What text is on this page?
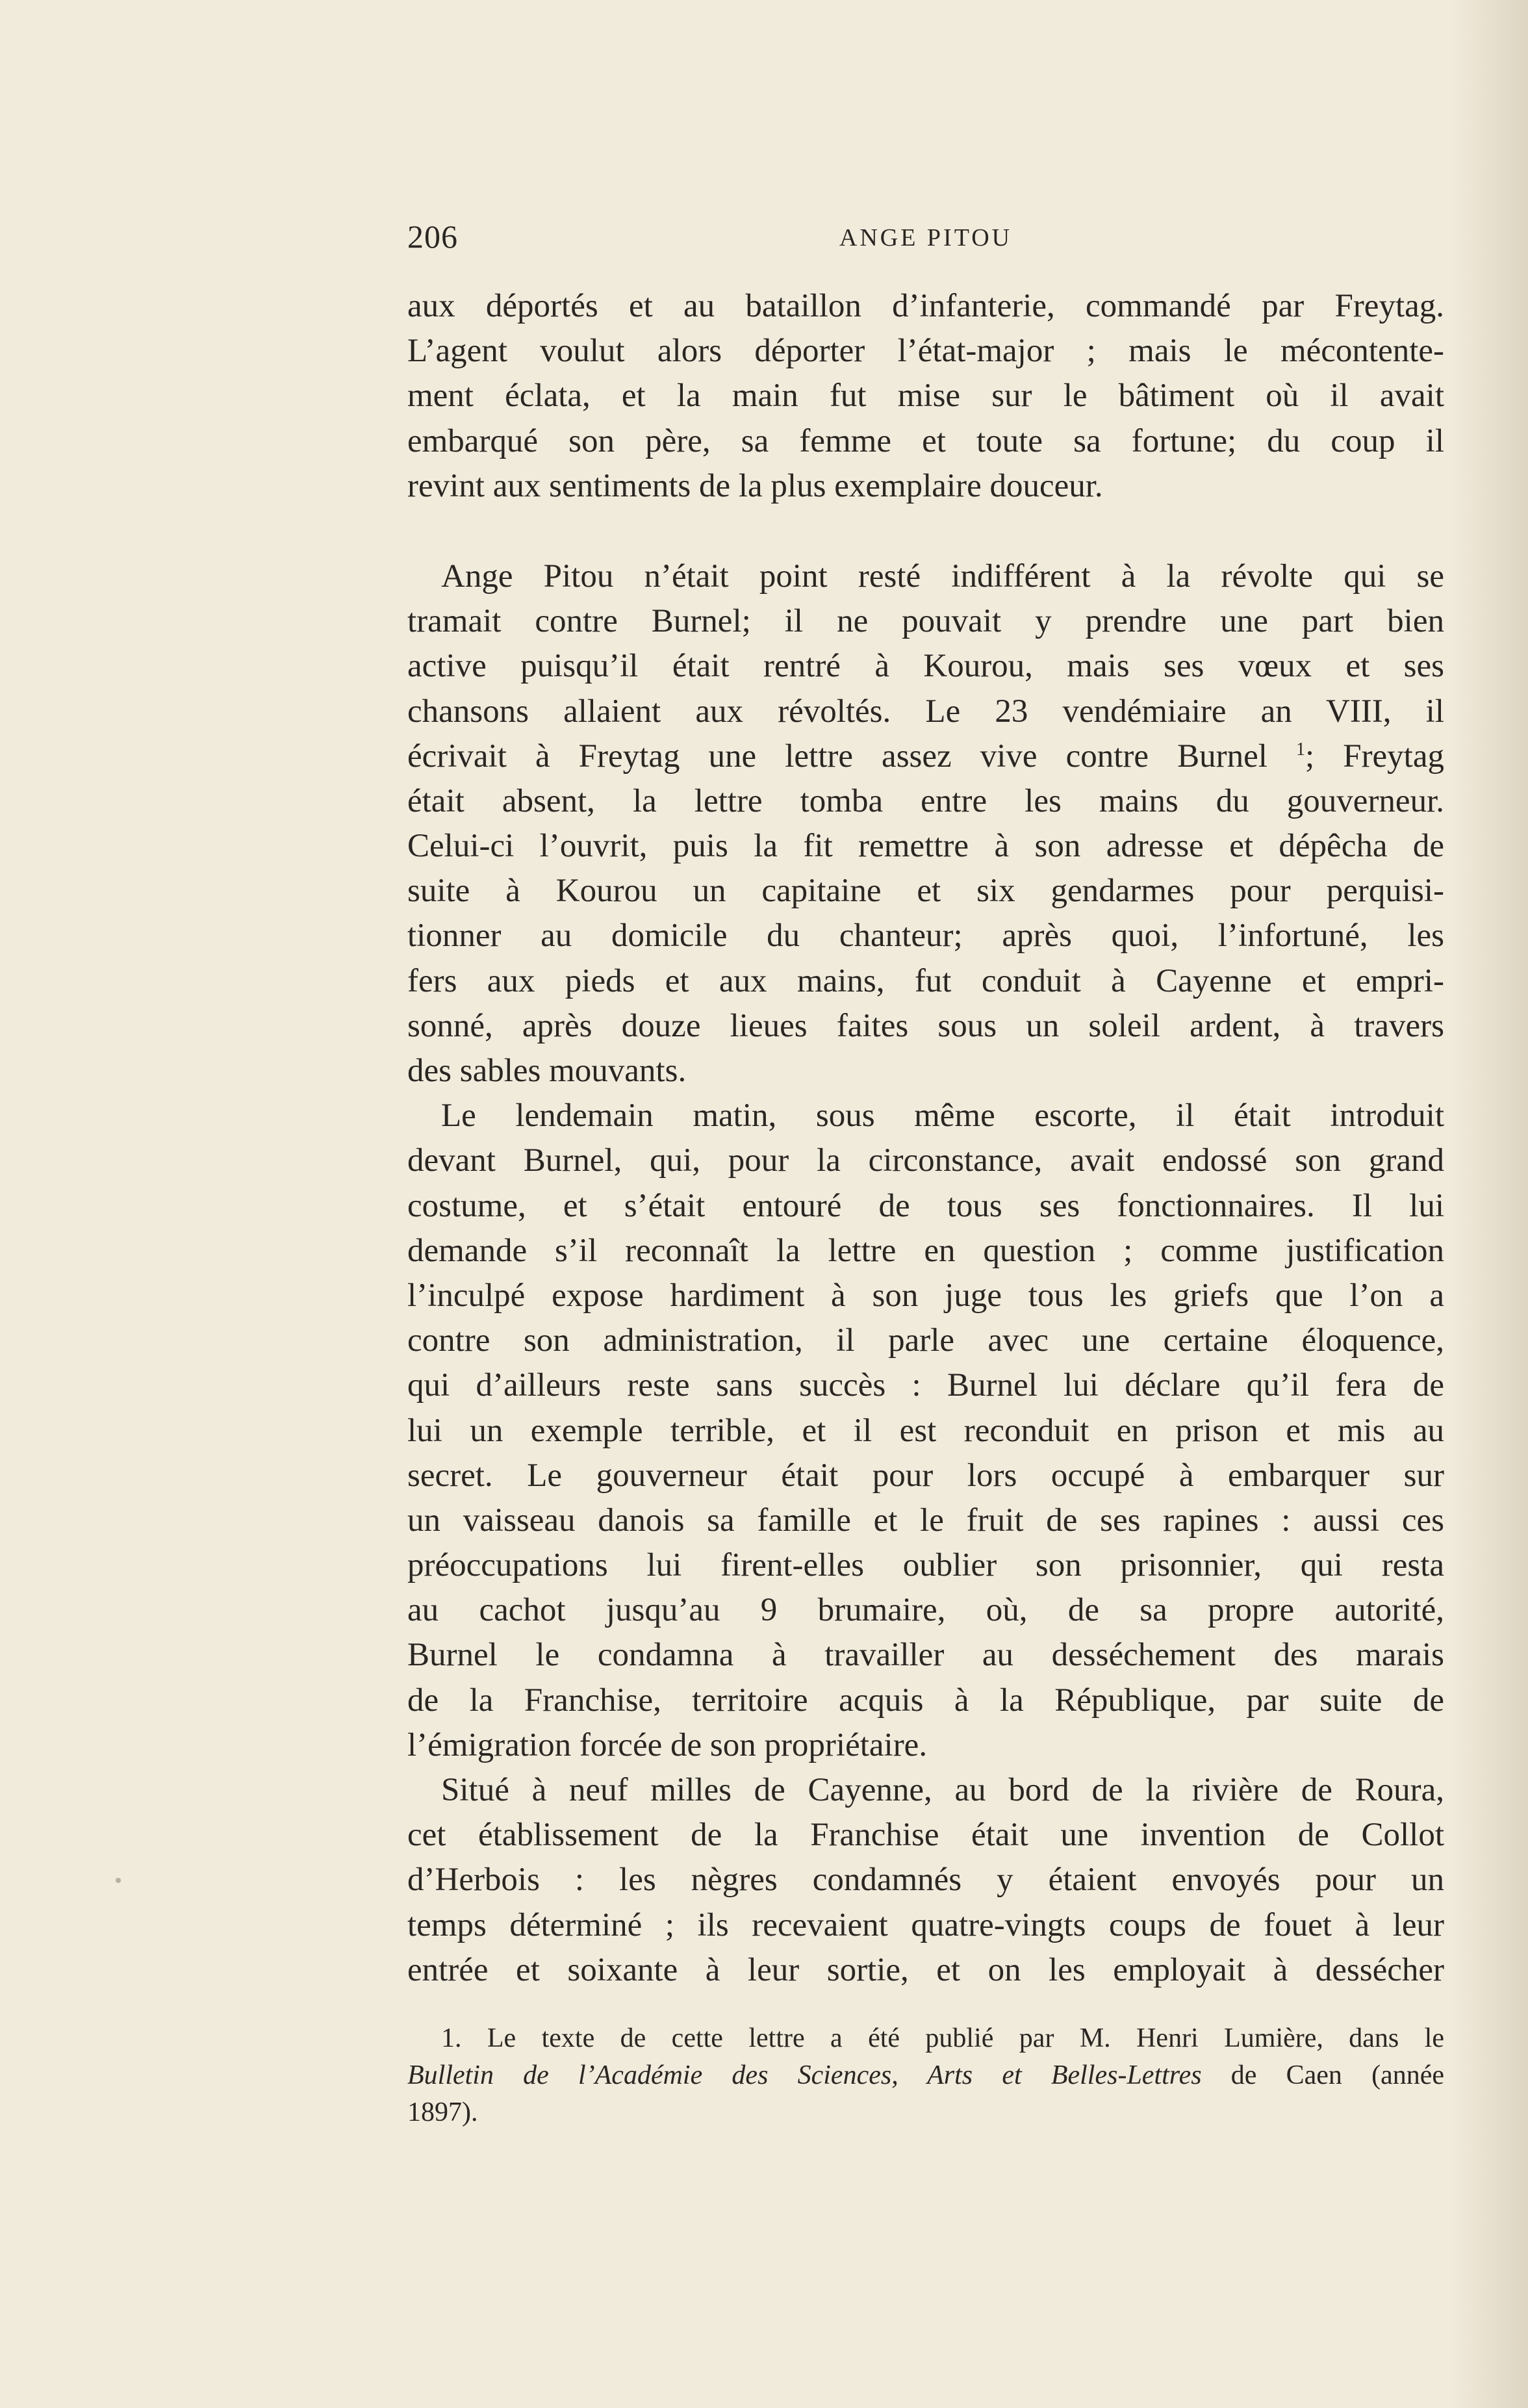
206	ANGE PITOU
aux déportés et au bataillon d’infanterie, commandé par Freytag.
L’agent voulut alors déporter l’état-major ; mais le mécontente-
ment éclata, et la main fut mise sur le bâtiment où il avait
embarqué son père, sa femme et toute sa fortune; du coup il
revint aux sentiments de la plus exemplaire douceur.
Ange Pitou n’était point resté indifférent à la révolte qui se
tramait contre Burnel; il ne pouvait y prendre une part bien
active puisqu’il était rentré à Kourou, mais ses vœux et ses
chansons allaient aux révoltés. Le 23 vendémiaire an VIII, il
écrivait à Freytag une lettre assez vive contre Burnel $^1$; Freytag
était absent, la lettre tomba entre les mains du gouverneur.
Celui-ci l’ouvrit, puis la fit remettre à son adresse et dépêcha de
suite à Kourou un capitaine et six gendarmes pour perquisi-
tionner au domicile du chanteur; après quoi, l’infortuné, les
fers aux pieds et aux mains, fut conduit à Cayenne et empri-
sonné, après douze lieues faites sous un soleil ardent, à travers
des sables mouvants.
Le lendemain matin, sous même escorte, il était introduit
devant Burnel, qui, pour la circonstance, avait endossé son grand
costume, et s’était entouré de tous ses fonctionnaires. Il lui
demande s’il reconnaît la lettre en question ; comme justification
l’inculpé expose hardiment à son juge tous les griefs que l’on a
contre son administration, il parle avec une certaine éloquence,
qui d’ailleurs reste sans succès : Burnel lui déclare qu’il fera de
lui un exemple terrible, et il est reconduit en prison et mis au
secret. Le gouverneur était pour lors occupé à embarquer sur
un vaisseau danois sa famille et le fruit de ses rapines : aussi ces
préoccupations lui firent-elles oublier son prisonnier, qui resta
au cachot jusqu’au 9 brumaire, où, de sa propre autorité,
Burnel le condamna à travailler au desséchement des marais
de la Franchise, territoire acquis à la République, par suite de
l’émigration forcée de son propriétaire.
Situé à neuf milles de Cayenne, au bord de la rivière de Roura,
cet établissement de la Franchise était une invention de Collot
d’Herbois : les nègres condamnés y étaient envoyés pour un
temps déterminé ; ils recevaient quatre-vingts coups de fouet à leur
entrée et soixante à leur sortie, et on les employait à dessécher
1. Le texte de cette lettre a été publié par M. Henri Lumière, dans le
Bulletin de l’Académie des Sciences, Arts et Belles-Lettres de Caen (année
1897).
